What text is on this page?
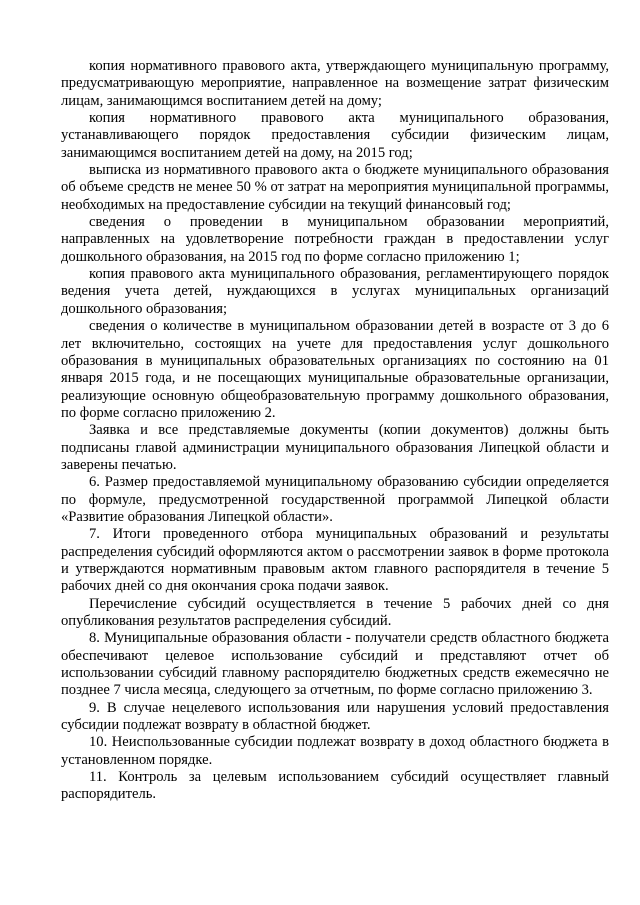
копия нормативного правового акта, утверждающего муниципальную программу, предусматривающую мероприятие, направленное на возмещение затрат физическим лицам, занимающимся воспитанием детей на дому;

копия нормативного правового акта муниципального образования, устанавливающего порядок предоставления субсидии физическим лицам, занимающимся воспитанием детей на дому, на 2015 год;

выписка из нормативного правового акта о бюджете муниципального образования об объеме средств не менее 50 % от затрат на мероприятия муниципальной программы, необходимых на предоставление субсидии на текущий финансовый год;

сведения о проведении в муниципальном образовании мероприятий, направленных на удовлетворение потребности граждан в предоставлении услуг дошкольного образования, на 2015 год по форме согласно приложению 1;

копия правового акта муниципального образования, регламентирующего порядок ведения учета детей, нуждающихся в услугах муниципальных организаций дошкольного образования;

сведения о количестве в муниципальном образовании детей в возрасте от 3 до 6 лет включительно, состоящих на учете для предоставления услуг дошкольного образования в муниципальных образовательных организациях по состоянию на 01 января 2015 года, и не посещающих муниципальные образовательные организации, реализующие основную общеобразовательную программу дошкольного образования, по форме согласно приложению 2.

Заявка и все представляемые документы (копии документов) должны быть подписаны главой администрации муниципального образования Липецкой области и заверены печатью.

6. Размер предоставляемой муниципальному образованию субсидии определяется по формуле, предусмотренной государственной программой Липецкой области «Развитие образования Липецкой области».

7. Итоги проведенного отбора муниципальных образований и результаты распределения субсидий оформляются актом о рассмотрении заявок в форме протокола и утверждаются нормативным правовым актом главного распорядителя в течение 5 рабочих дней со дня окончания срока подачи заявок.

Перечисление субсидий осуществляется в течение 5 рабочих дней со дня опубликования результатов распределения субсидий.

8. Муниципальные образования области - получатели средств областного бюджета обеспечивают целевое использование субсидий и представляют отчет об использовании субсидий главному распорядителю бюджетных средств ежемесячно не позднее 7 числа месяца, следующего за отчетным, по форме согласно приложению 3.

9. В случае нецелевого использования или нарушения условий предоставления субсидии подлежат возврату в областной бюджет.

10. Неиспользованные субсидии подлежат возврату в доход областного бюджета в установленном порядке.

11. Контроль за целевым использованием субсидий осуществляет главный распорядитель.
